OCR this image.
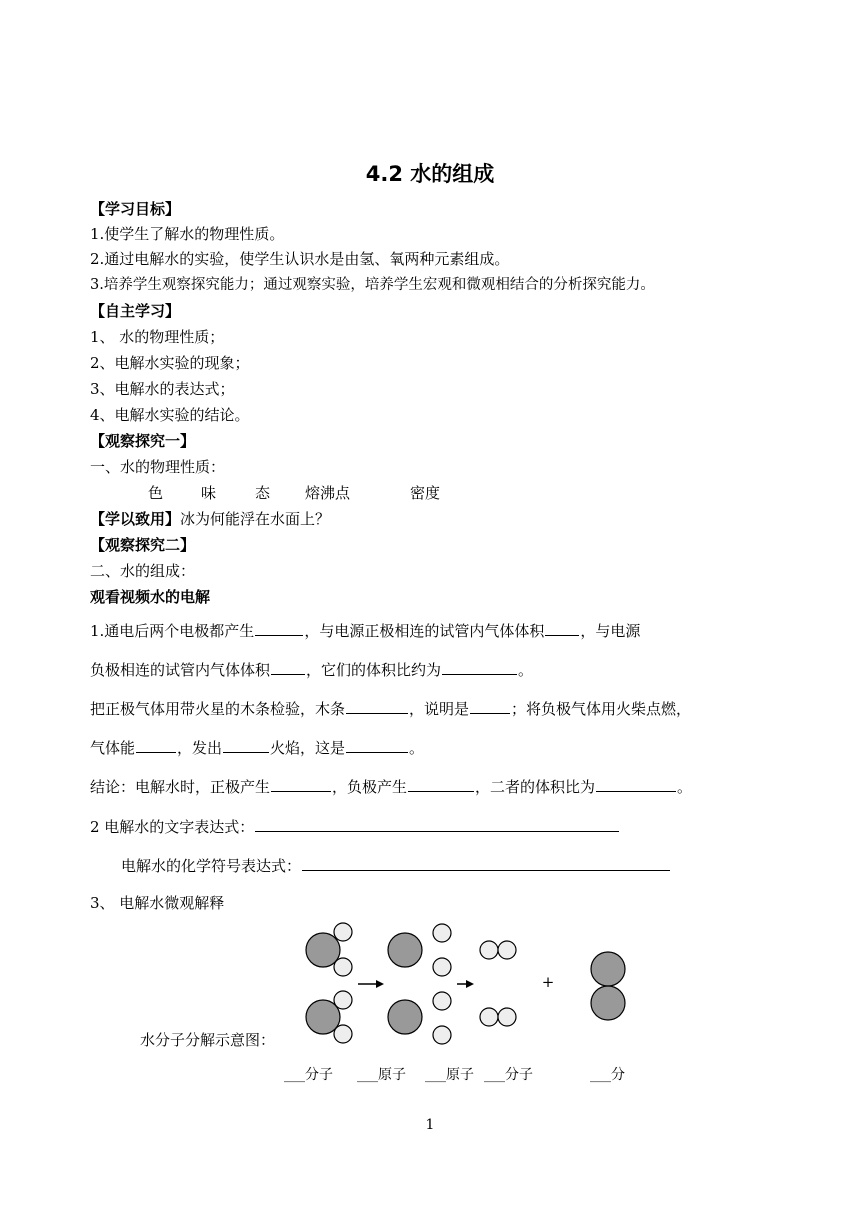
4.2 水的组成
【学习目标】
1.使学生了解水的物理性质。
2.通过电解水的实验，使学生认识水是由氢、氧两种元素组成。
3.培养学生观察探究能力；通过观察实验，培养学生宏观和微观相结合的分析探究能力。
【自主学习】
1、 水的物理性质；
2、电解水实验的现象；
3、电解水的表达式；
4、电解水实验的结论。
【观察探究一】
一、水的物理性质：
色	味	态 熔沸点	密度
【学以致用】冰为何能浮在水面上？
【观察探究二】
二、水的组成：
观看视频水的电解
1.通电后两个电极都产生	，与电源正极相连的试管内气体体积 ，与电源
负极相连的试管内气体体积 ，它们的体积比约为	。
把正极气体用带火星的木条检验，木条	，说明是	；将负极气体用火柴点燃，
气体能	，发出	火焰，这是	。
结论：电解水时，正极产生	，负极产生	，二者的体积比为	。
2 电解水的文字表达式：
电解水的化学符号表达式：
3、 电解水微观解释
+
水分子分解示意图：
___分子 ___原子 ___原子 ___分子	___分
1
